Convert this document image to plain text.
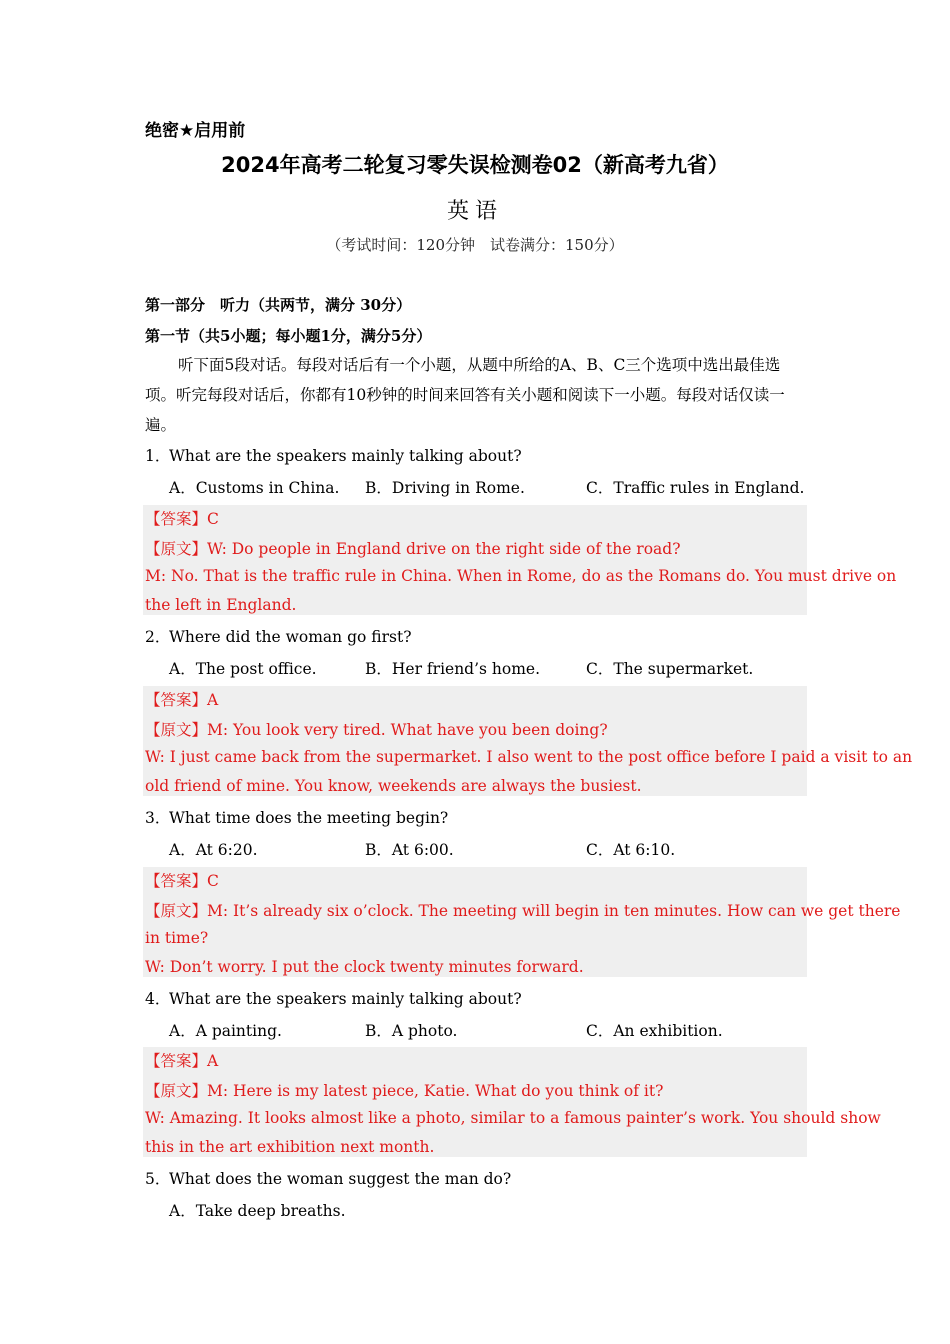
绝密★启用前
2024年高考二轮复习零失误检测卷02（新高考九省）
英语
（考试时间：120分钟　试卷满分：150分）
第一部分　听力（共两节，满分 30分）
第一节（共5小题；每小题1分，满分5分）
听下面5段对话。每段对话后有一个小题，从题中所给的A、B、C三个选项中选出最佳选项。听完每段对话后，你都有10秒钟的时间来回答有关小题和阅读下一小题。每段对话仅读一遍。
1．What are the speakers mainly talking about?
A．Customs in China. B．Driving in Rome.	C．Traffic rules in England.
【答案】C
【原文】W: Do people in England drive on the right side of the road?
M: No. That is the traffic rule in China. When in Rome, do as the Romans do. You must drive on
the left in England.
2．Where did the woman go first?
A．The post office.	B．Her friend’s home.	C．The supermarket.
【答案】A
【原文】M: You look very tired. What have you been doing?
W: I just came back from the supermarket. I also went to the post office before I paid a visit to an
old friend of mine. You know, weekends are always the busiest.
3．What time does the meeting begin?
A．At 6:20.	B．At 6:00.	C．At 6:10.
【答案】C
【原文】M: It’s already six o’clock. The meeting will begin in ten minutes. How can we get there
in time?
W: Don’t worry. I put the clock twenty minutes forward.
4．What are the speakers mainly talking about?
A．A painting.	B．A photo.	C．An exhibition.
【答案】A
【原文】M: Here is my latest piece, Katie. What do you think of it?
W: Amazing. It looks almost like a photo, similar to a famous painter’s work. You should show
this in the art exhibition next month.
5．What does the woman suggest the man do?
A．Take deep breaths.
